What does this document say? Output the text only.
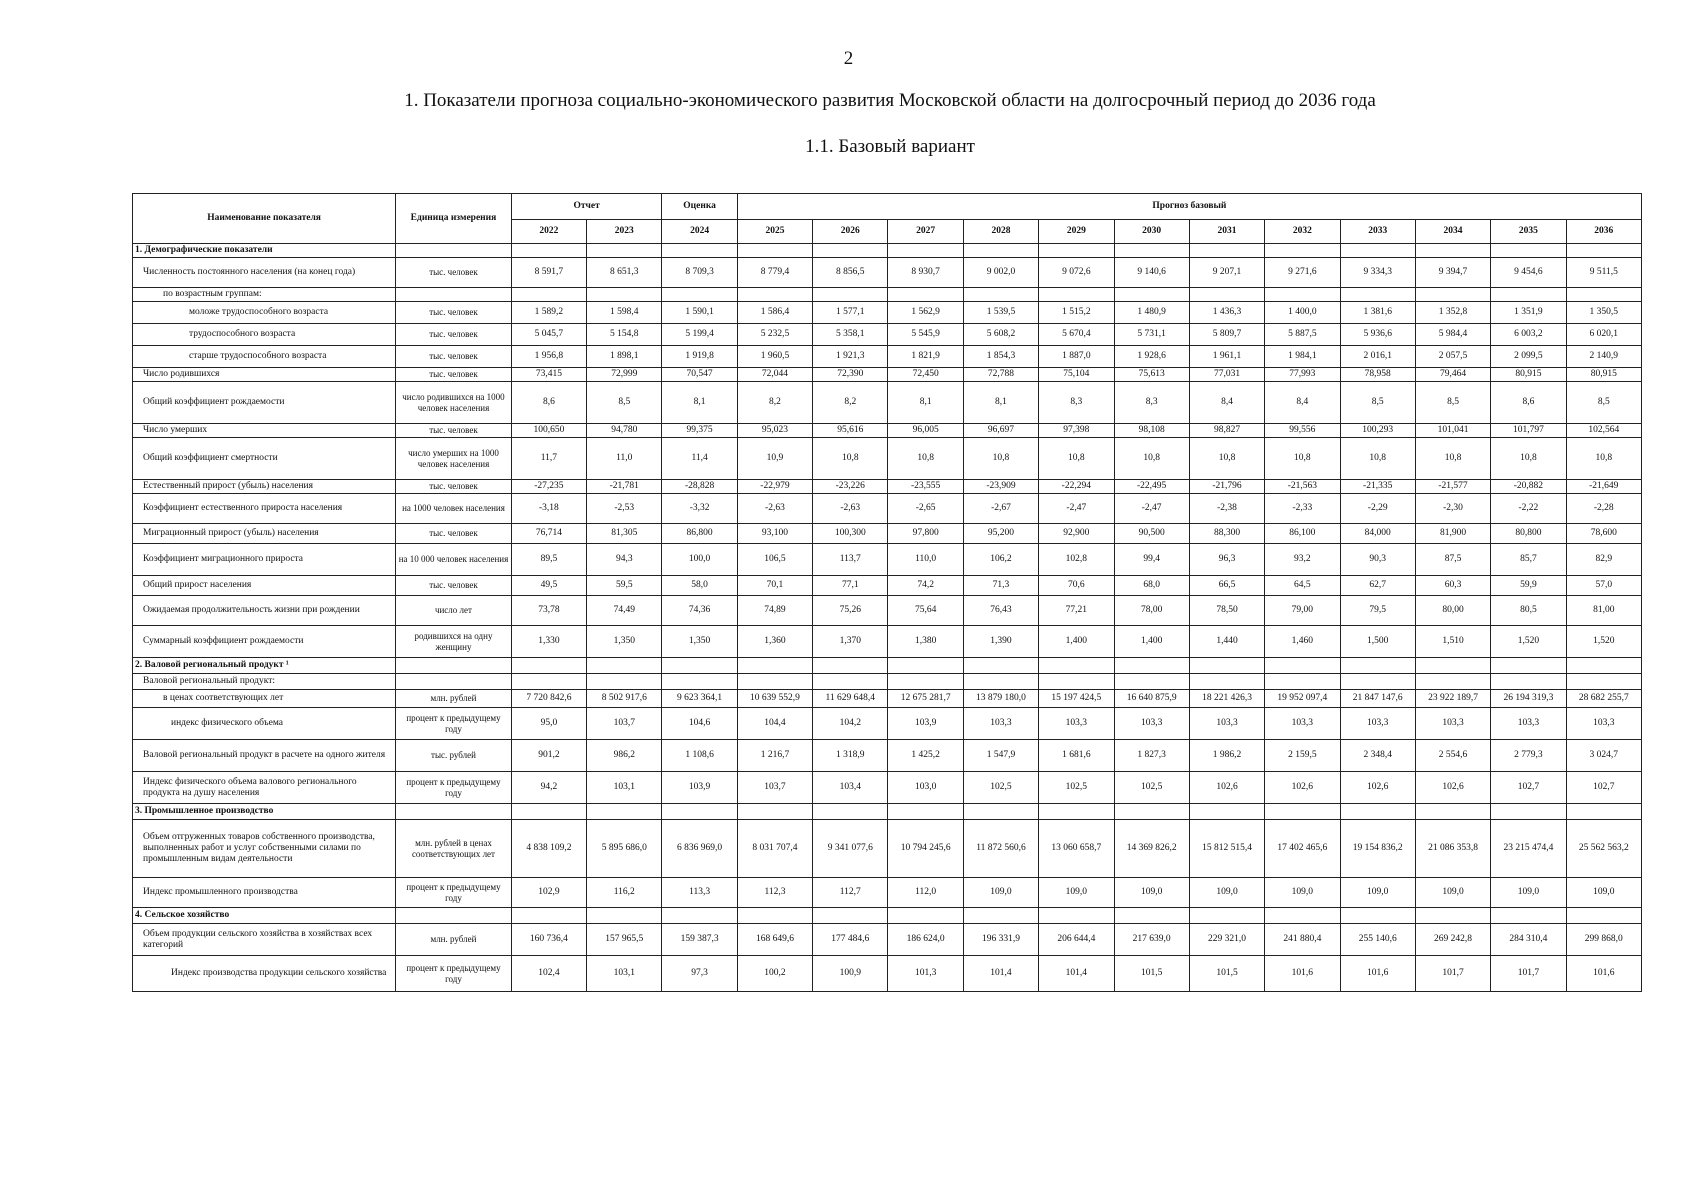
2
1. Показатели прогноза социально-экономического развития Московской области на долгосрочный период до 2036 года
1.1. Базовый вариант
Наименование показателя	Единица измерения	Отчет		Оценка	Прогноз базовый											
		2022	2023	2024	2025	2026	2027	2028	2029	2030	2031	2032	2033	2034	2035	2036
1. Демографические показатели																
Численность постоянного населения (на конец года)	тыс. человек	8 591,7	8 651,3	8 709,3	8 779,4	8 856,5	8 930,7	9 002,0	9 072,6	9 140,6	9 207,1	9 271,6	9 334,3	9 394,7	9 454,6	9 511,5
по возрастным группам:																
моложе трудоспособного возраста	тыс. человек	1 589,2	1 598,4	1 590,1	1 586,4	1 577,1	1 562,9	1 539,5	1 515,2	1 480,9	1 436,3	1 400,0	1 381,6	1 352,8	1 351,9	1 350,5
трудоспособного возраста	тыс. человек	5 045,7	5 154,8	5 199,4	5 232,5	5 358,1	5 545,9	5 608,2	5 670,4	5 731,1	5 809,7	5 887,5	5 936,6	5 984,4	6 003,2	6 020,1
старше трудоспособного возраста	тыс. человек	1 956,8	1 898,1	1 919,8	1 960,5	1 921,3	1 821,9	1 854,3	1 887,0	1 928,6	1 961,1	1 984,1	2 016,1	2 057,5	2 099,5	2 140,9
Число родившихся	тыс. человек	73,415	72,999	70,547	72,044	72,390	72,450	72,788	75,104	75,613	77,031	77,993	78,958	79,464	80,915	80,915
Общий коэффициент рождаемости	число родившихся на 1000 человек населения	8,6	8,5	8,1	8,2	8,2	8,1	8,1	8,3	8,3	8,4	8,4	8,5	8,5	8,6	8,5
Число умерших	тыс. человек	100,650	94,780	99,375	95,023	95,616	96,005	96,697	97,398	98,108	98,827	99,556	100,293	101,041	101,797	102,564
Общий коэффициент смертности	число умерших на 1000 человек населения	11,7	11,0	11,4	10,9	10,8	10,8	10,8	10,8	10,8	10,8	10,8	10,8	10,8	10,8	10,8
Естественный прирост (убыль) населения	тыс. человек	-27,235	-21,781	-28,828	-22,979	-23,226	-23,555	-23,909	-22,294	-22,495	-21,796	-21,563	-21,335	-21,577	-20,882	-21,649
Коэффициент естественного прироста населения	на 1000 человек населения	-3,18	-2,53	-3,32	-2,63	-2,63	-2,65	-2,67	-2,47	-2,47	-2,38	-2,33	-2,29	-2,30	-2,22	-2,28
Миграционный прирост (убыль) населения	тыс. человек	76,714	81,305	86,800	93,100	100,300	97,800	95,200	92,900	90,500	88,300	86,100	84,000	81,900	80,800	78,600
Коэффициент миграционного прироста	на 10 000 человек населения	89,5	94,3	100,0	106,5	113,7	110,0	106,2	102,8	99,4	96,3	93,2	90,3	87,5	85,7	82,9
Общий прирост населения	тыс. человек	49,5	59,5	58,0	70,1	77,1	74,2	71,3	70,6	68,0	66,5	64,5	62,7	60,3	59,9	57,0
Ожидаемая продолжительность жизни при рождении	число лет	73,78	74,49	74,36	74,89	75,26	75,64	76,43	77,21	78,00	78,50	79,00	79,5	80,00	80,5	81,00
Суммарный коэффициент рождаемости	родившихся на одну женщину	1,330	1,350	1,350	1,360	1,370	1,380	1,390	1,400	1,400	1,440	1,460	1,500	1,510	1,520	1,520
2. Валовой региональный продукт ¹																
Валовой региональный продукт:																
в ценах соответствующих лет	млн. рублей	7 720 842,6	8 502 917,6	9 623 364,1	10 639 552,9	11 629 648,4	12 675 281,7	13 879 180,0	15 197 424,5	16 640 875,9	18 221 426,3	19 952 097,4	21 847 147,6	23 922 189,7	26 194 319,3	28 682 255,7
индекс физического объема	процент к предыдущему году	95,0	103,7	104,6	104,4	104,2	103,9	103,3	103,3	103,3	103,3	103,3	103,3	103,3	103,3	103,3
Валовой региональный продукт в расчете на одного жителя	тыс. рублей	901,2	986,2	1 108,6	1 216,7	1 318,9	1 425,2	1 547,9	1 681,6	1 827,3	1 986,2	2 159,5	2 348,4	2 554,6	2 779,3	3 024,7
Индекс физического объема валового регионального продукта на душу населения	процент к предыдущему году	94,2	103,1	103,9	103,7	103,4	103,0	102,5	102,5	102,5	102,6	102,6	102,6	102,6	102,7	102,7
3. Промышленное производство																
Объем отгруженных товаров собственного производства, выполненных работ и услуг собственными силами по промышленным видам деятельности	млн. рублей в ценах соответствующих лет	4 838 109,2	5 895 686,0	6 836 969,0	8 031 707,4	9 341 077,6	10 794 245,6	11 872 560,6	13 060 658,7	14 369 826,2	15 812 515,4	17 402 465,6	19 154 836,2	21 086 353,8	23 215 474,4	25 562 563,2
Индекс промышленного производства	процент к предыдущему году	102,9	116,2	113,3	112,3	112,7	112,0	109,0	109,0	109,0	109,0	109,0	109,0	109,0	109,0	109,0
4. Сельское хозяйство																
Объем продукции сельского хозяйства в хозяйствах всех категорий	млн. рублей	160 736,4	157 965,5	159 387,3	168 649,6	177 484,6	186 624,0	196 331,9	206 644,4	217 639,0	229 321,0	241 880,4	255 140,6	269 242,8	284 310,4	299 868,0
Индекс производства продукции сельского хозяйства	процент к предыдущему году	102,4	103,1	97,3	100,2	100,9	101,3	101,4	101,4	101,5	101,5	101,6	101,6	101,7	101,7	101,6
